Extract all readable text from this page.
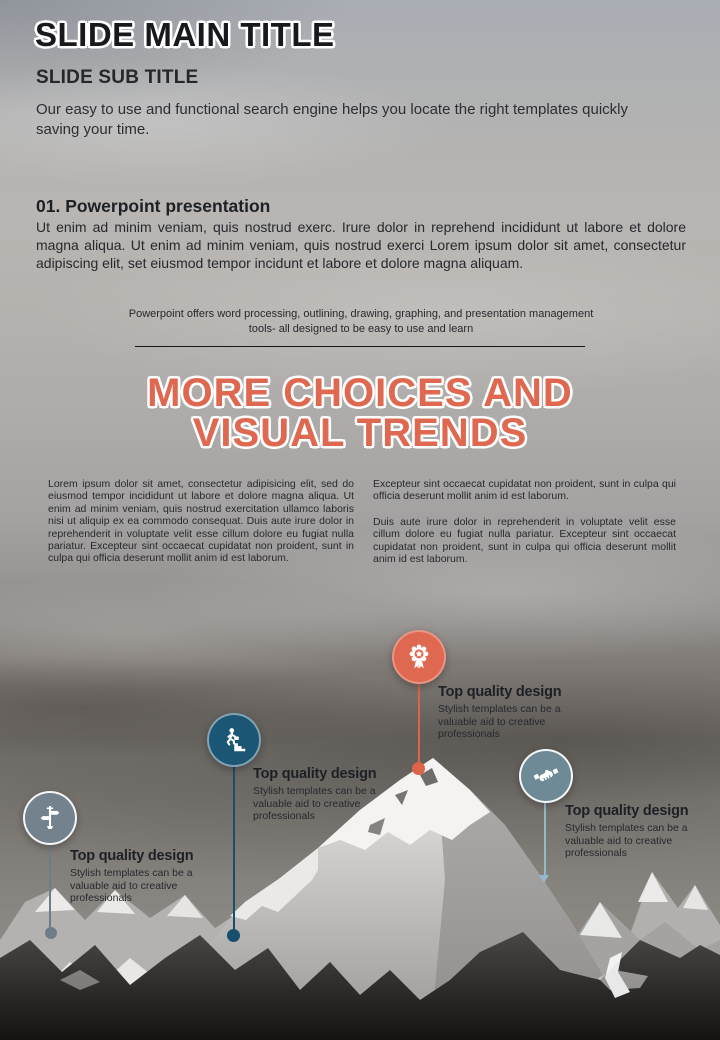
SLIDE MAIN TITLE
SLIDE SUB TITLE

Our easy to use and functional search engine helps you locate the right templates quickly saving your time.

01. Powerpoint presentation

Ut enim ad minim veniam, quis nostrud exerc. Irure dolor in reprehend incididunt ut labore et dolore magna aliqua. Ut enim ad minim veniam, quis nostrud exerci Lorem ipsum dolor sit amet, consectetur adipiscing elit, set eiusmod tempor incidunt et labore et dolore magna aliquam.

Powerpoint offers word processing, outlining, drawing, graphing, and presentation management tools- all designed to be easy to use and learn

MORE CHOICES AND
VISUAL TRENDS

Lorem ipsum dolor sit amet, consectetur adipisicing elit, sed do eiusmod tempor incididunt ut labore et dolore magna aliqua. Ut enim ad minim veniam, quis nostrud exercitation ullamco laboris nisi ut aliquip ex ea commodo consequat. Duis aute irure dolor in reprehenderit in voluptate velit esse cillum dolore eu fugiat nulla pariatur. Excepteur sint occaecat cupidatat non proident, sunt in culpa qui officia deserunt mollit anim id est laborum.

Excepteur sint occaecat cupidatat non proident, sunt in culpa qui officia deserunt mollit anim id est laborum.

Duis aute irure dolor in reprehenderit in voluptate velit esse cillum dolore eu fugiat nulla pariatur. Excepteur sint occaecat cupidatat non proident, sunt in culpa qui officia deserunt mollit anim id est laborum.

Top quality design
Stylish templates can be a valuable aid to creative professionals
Top quality design
Stylish templates can be a valuable aid to creative professionals
Top quality design
Stylish templates can be a valuable aid to creative professionals
Top quality design
Stylish templates can be a valuable aid to creative professionals
